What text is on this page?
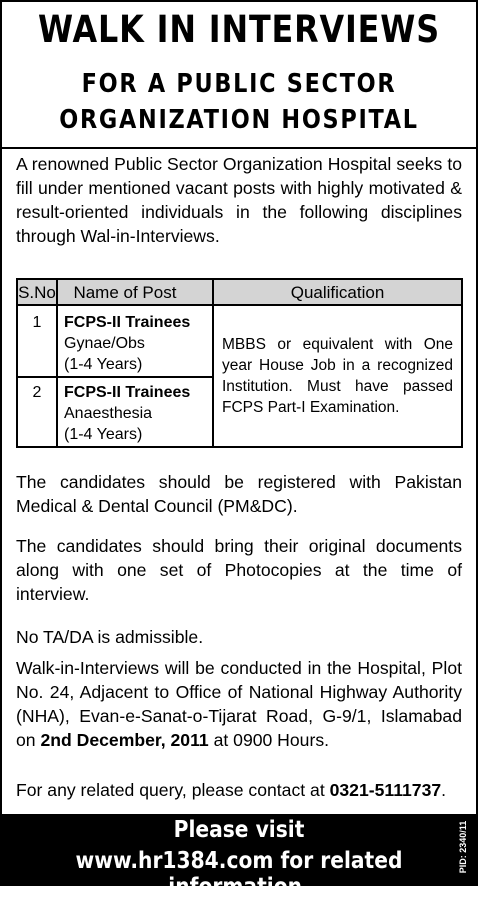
WALK IN INTERVIEWS
FOR A PUBLIC SECTOR
ORGANIZATION HOSPITAL
A renowned Public Sector Organization Hospital seeks to fill under mentioned vacant posts with highly motivated & result-oriented individuals in the following disciplines through Wal-in-Interviews.
S.No	Name of Post	Qualification
1	FCPS-II Trainees
Gynae/Obs
(1-4 Years)	MBBS or equivalent with One year House Job in a recognized Institution. Must have passed FCPS Part-I Examination.
2	FCPS-II Trainees
Anaesthesia
(1-4 Years)	
The candidates should be registered with Pakistan Medical & Dental Council (PM&DC).
The candidates should bring their original documents along with one set of Photocopies at the time of interview.
No TA/DA is admissible.
Walk-in-Interviews will be conducted in the Hospital, Plot No. 24, Adjacent to Office of National Highway Authority (NHA), Evan-e-Sanat-o-Tijarat Road, G-9/1, Islamabad on 2nd December, 2011 at 0900 Hours.
For any related query, please contact at 0321-5111737.
Please visit
www.hr1384.com for related information.
PID: 2340/11
